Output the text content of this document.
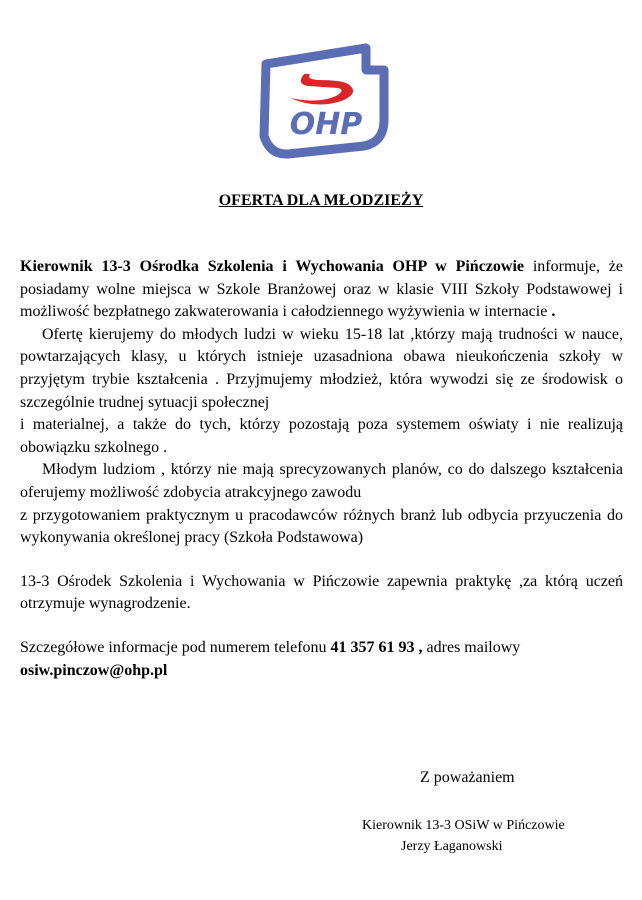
OHP
OFERTA DLA MŁODZIEŻY

Kierownik 13-3 Ośrodka Szkolenia i Wychowania OHP w Pińczowie informuje, że posiadamy wolne miejsca w Szkole Branżowej oraz w klasie VIII Szkoły Podstawowej i możliwość bezpłatnego zakwaterowania i całodziennego wyżywienia w internacie .

Ofertę kierujemy do młodych ludzi w wieku 15-18 lat ,którzy mają trudności w nauce, powtarzających klasy, u których istnieje uzasadniona obawa nieukończenia szkoły w przyjętym trybie kształcenia . Przyjmujemy młodzież, która wywodzi się ze środowisk o szczególnie trudnej sytuacji społecznej

i materialnej, a także do tych, którzy pozostają poza systemem oświaty i nie realizują obowiązku szkolnego .

Młodym ludziom , którzy nie mają sprecyzowanych planów, co do dalszego kształcenia oferujemy możliwość zdobycia atrakcyjnego zawodu

z przygotowaniem praktycznym u pracodawców różnych branż lub odbycia przyuczenia do wykonywania określonej pracy (Szkoła Podstawowa)

13-3 Ośrodek Szkolenia i Wychowania w Pińczowie zapewnia praktykę ,za którą uczeń otrzymuje wynagrodzenie.

Szczegółowe informacje pod numerem telefonu 41 357 61 93 , adres mailowy
osiw.pinczow@ohp.pl

Z poważaniem
Kierownik 13-3 OSiW w Pińczowie
Jerzy Łaganowski
